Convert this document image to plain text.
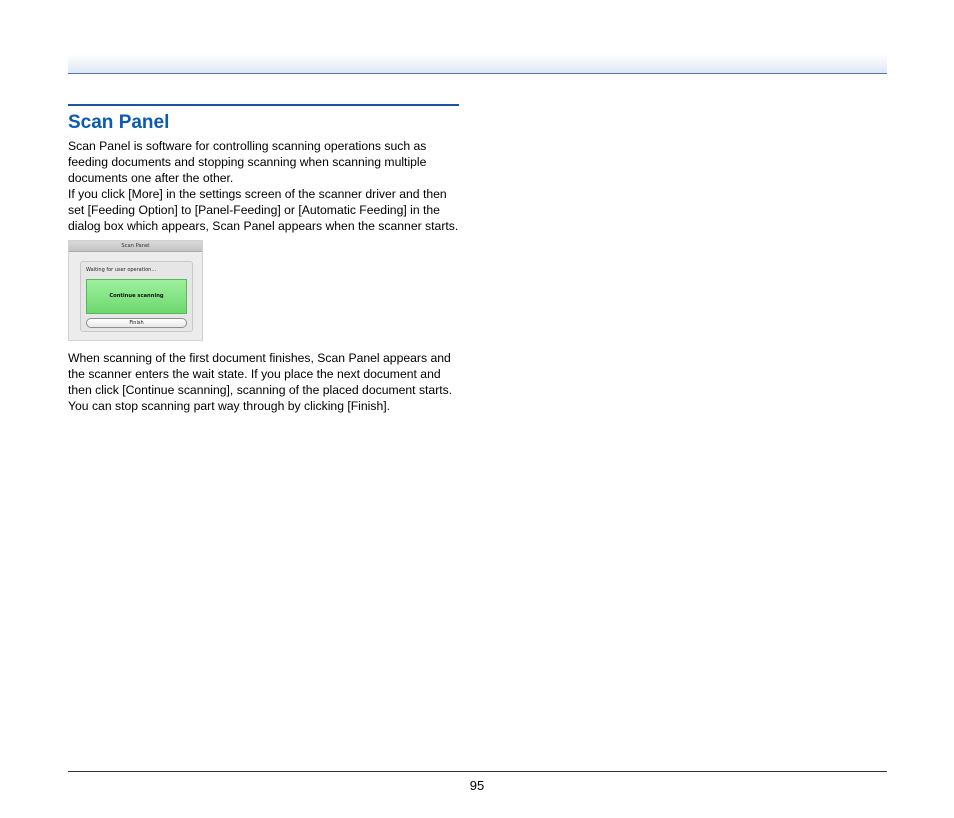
Scan Panel

Scan Panel is software for controlling scanning operations such as feeding documents and stopping scanning when scanning multiple documents one after the other.

If you click [More] in the settings screen of the scanner driver and then set [Feeding Option] to [Panel-Feeding] or [Automatic Feeding] in the dialog box which appears, Scan Panel appears when the scanner starts.

Scan Panel
Waiting for user operation...
Continue scanning
Finish

When scanning of the first document finishes, Scan Panel appears and the scanner enters the wait state. If you place the next document and then click [Continue scanning], scanning of the placed document starts.

You can stop scanning part way through by clicking [Finish].

95
